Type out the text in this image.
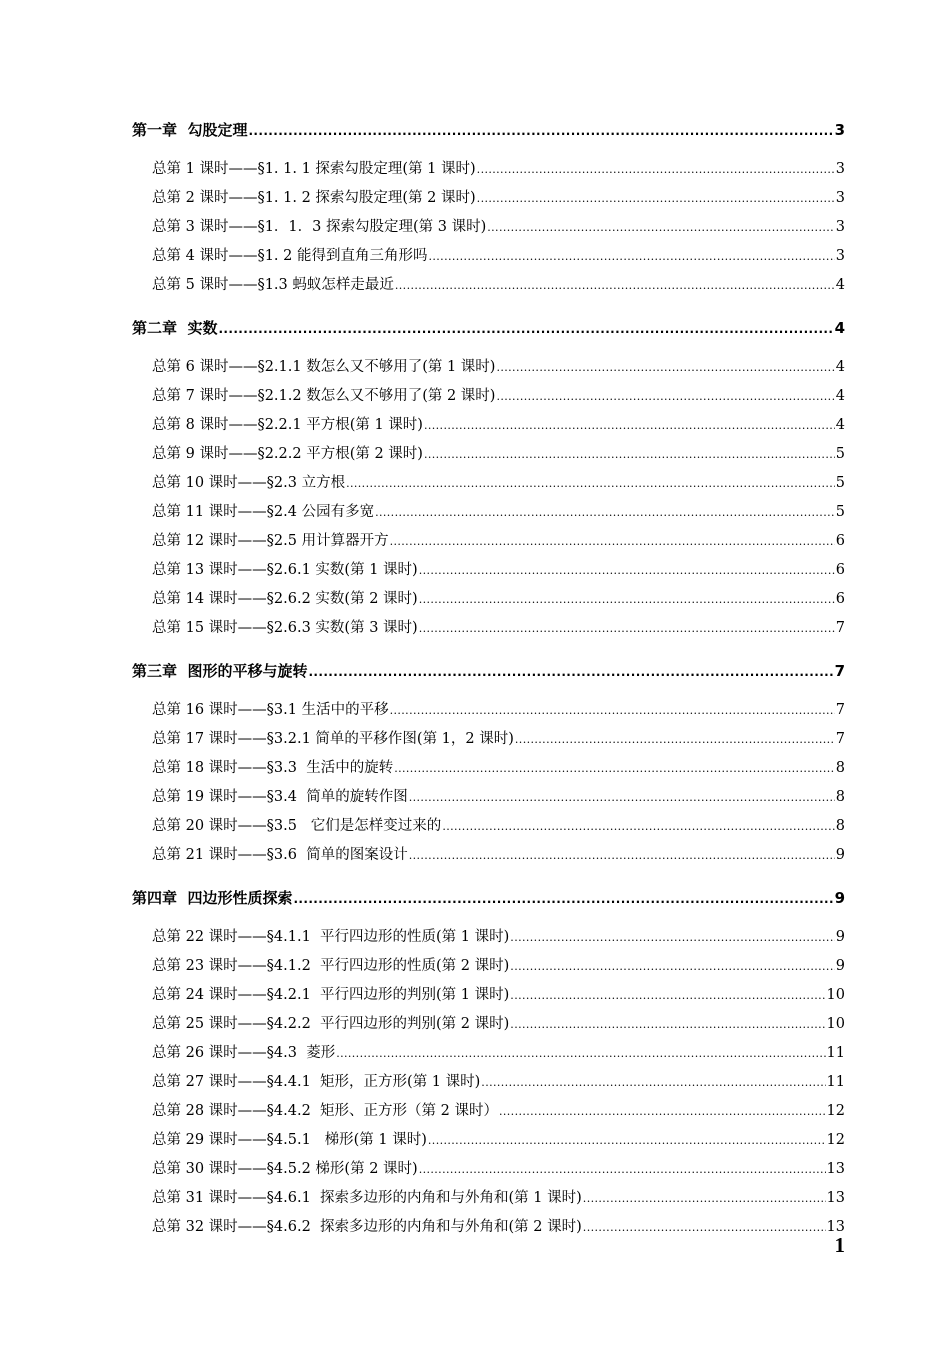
第一章  勾股定理 .....	3
总第 1 课时——§1. 1. 1 探索勾股定理(第 1 课时) .....	3
总第 2 课时——§1. 1. 2 探索勾股定理(第 2 课时) .....	3
总第 3 课时——§1．1．3 探索勾股定理(第 3 课时) .....	3
总第 4 课时——§1. 2 能得到直角三角形吗 .....	3
总第 5 课时——§1.3 蚂蚁怎样走最近 .....	4
第二章  实数 .....	4
总第 6 课时——§2.1.1 数怎么又不够用了(第 1 课时) .....	4
总第 7 课时——§2.1.2 数怎么又不够用了(第 2 课时) .....	4
总第 8 课时——§2.2.1 平方根(第 1 课时) .....	4
总第 9 课时——§2.2.2 平方根(第 2 课时) .....	5
总第 10 课时——§2.3 立方根 .....	5
总第 11 课时——§2.4 公园有多宽 .....	5
总第 12 课时——§2.5 用计算器开方 .....	6
总第 13 课时——§2.6.1 实数(第 1 课时) .....	6
总第 14 课时——§2.6.2 实数(第 2 课时) .....	6
总第 15 课时——§2.6.3 实数(第 3 课时) .....	7
第三章  图形的平移与旋转 .....	7
总第 16 课时——§3.1 生活中的平移 .....	7
总第 17 课时——§3.2.1 简单的平移作图(第 1，2 课时) .....	7
总第 18 课时——§3.3  生活中的旋转 .....	8
总第 19 课时——§3.4  简单的旋转作图 .....	8
总第 20 课时——§3.5   它们是怎样变过来的 .....	8
总第 21 课时——§3.6  简单的图案设计 .....	9
第四章  四边形性质探索 .....	9
总第 22 课时——§4.1.1  平行四边形的性质(第 1 课时) .....	9
总第 23 课时——§4.1.2  平行四边形的性质(第 2 课时) .....	9
总第 24 课时——§4.2.1  平行四边形的判别(第 1 课时) .....	10
总第 25 课时——§4.2.2  平行四边形的判别(第 2 课时) .....	10
总第 26 课时——§4.3  菱形 .....	11
总第 27 课时——§4.4.1  矩形，正方形(第 1 课时) .....	11
总第 28 课时——§4.4.2  矩形、正方形（第 2 课时） .....	12
总第 29 课时——§4.5.1   梯形(第 1 课时) .....	12
总第 30 课时——§4.5.2 梯形(第 2 课时) .....	13
总第 31 课时——§4.6.1  探索多边形的内角和与外角和(第 1 课时) .....	13
总第 32 课时——§4.6.2  探索多边形的内角和与外角和(第 2 课时) .....	13
1
